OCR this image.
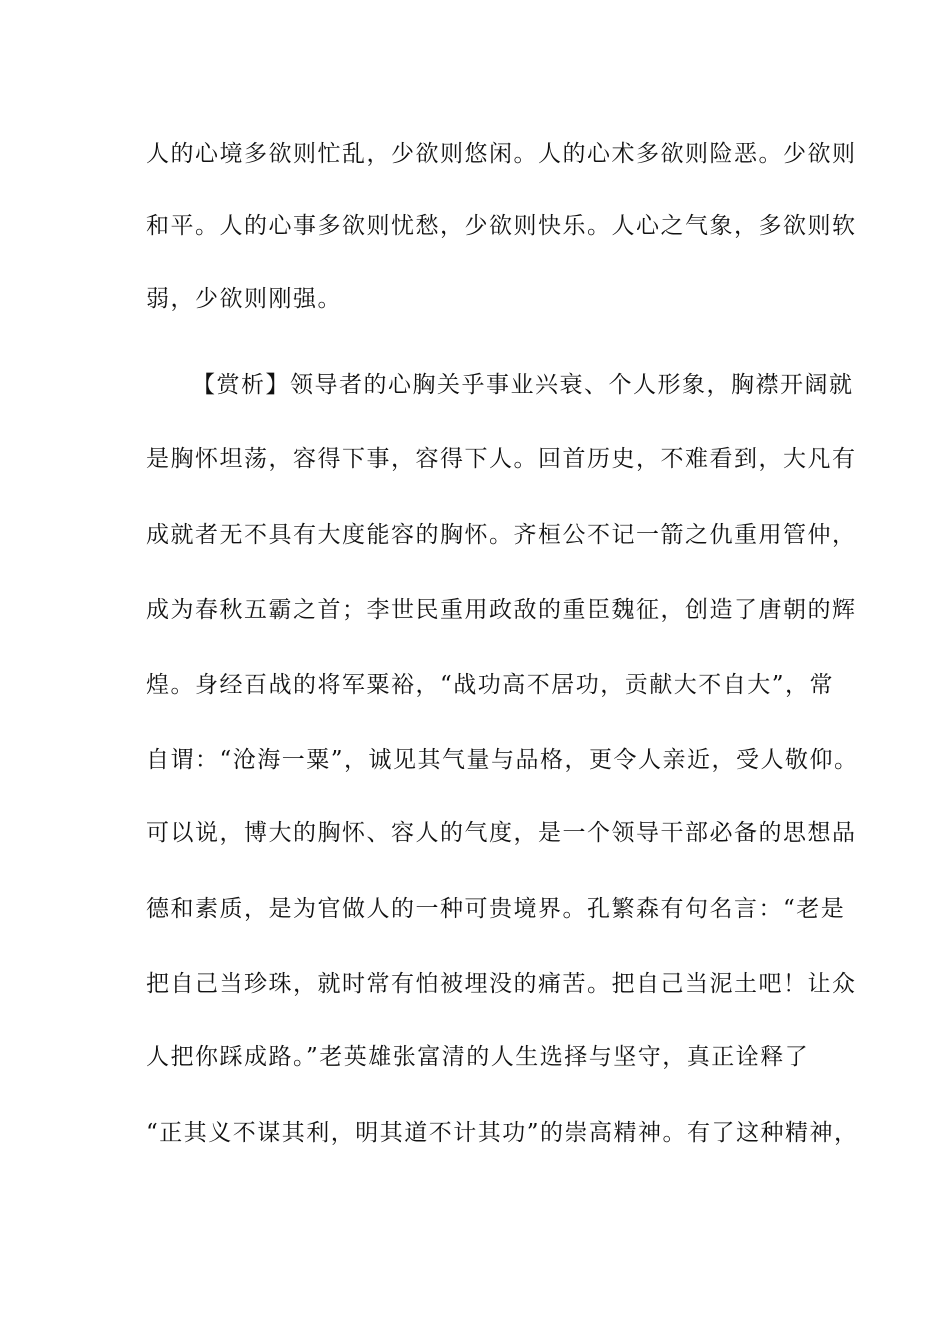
人的心境多欲则忙乱，少欲则悠闲。人的心术多欲则险恶。少欲则
和平。人的心事多欲则忧愁，少欲则快乐。人心之气象，多欲则软
弱，少欲则刚强。
【赏析】领导者的心胸关乎事业兴衰、个人形象，胸襟开阔就
是胸怀坦荡，容得下事，容得下人。回首历史，不难看到，大凡有
成就者无不具有大度能容的胸怀。齐桓公不记一箭之仇重用管仲，
成为春秋五霸之首；李世民重用政敌的重臣魏征，创造了唐朝的辉
煌。身经百战的将军粟裕，“战功高不居功，贡献大不自大”，常
自谓：“沧海一粟”，诚见其气量与品格，更令人亲近，受人敬仰。
可以说，博大的胸怀、容人的气度，是一个领导干部必备的思想品
德和素质，是为官做人的一种可贵境界。孔繁森有句名言：“老是
把自己当珍珠，就时常有怕被埋没的痛苦。把自己当泥土吧！让众
人把你踩成路。”老英雄张富清的人生选择与坚守，真正诠释了
“正其义不谋其利，明其道不计其功”的崇高精神。有了这种精神，
